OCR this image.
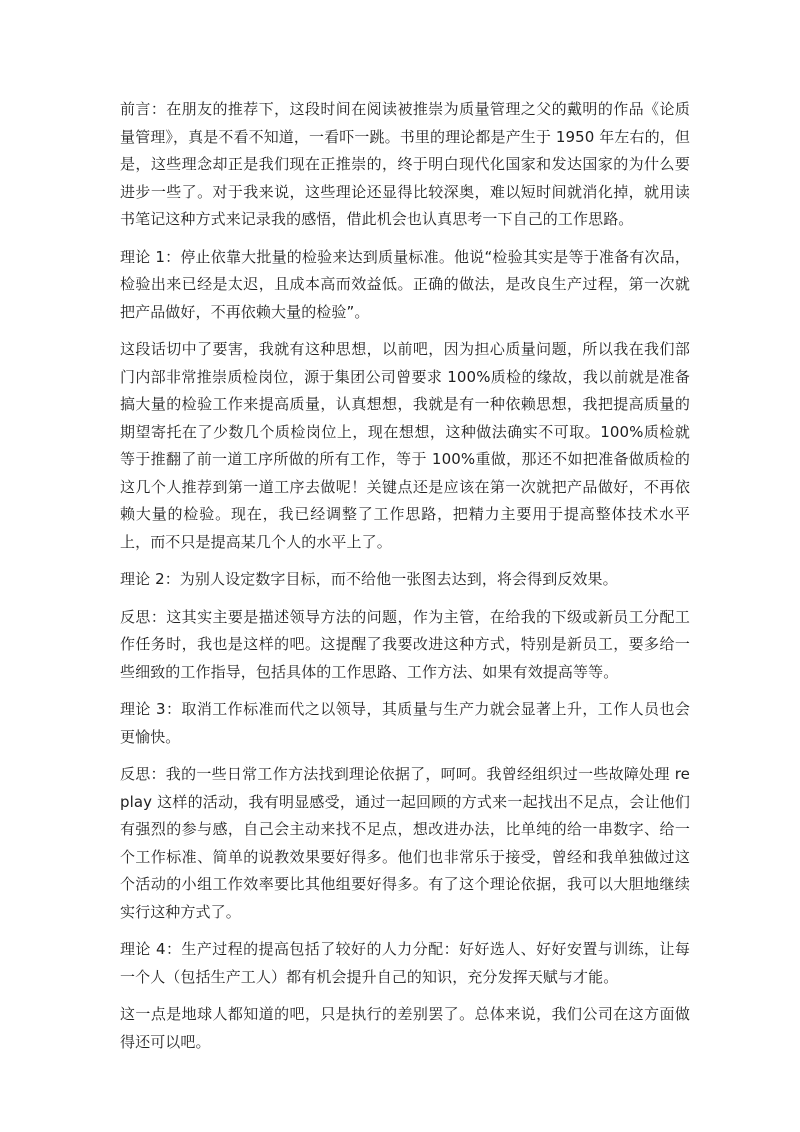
前言：在朋友的推荐下，这段时间在阅读被推崇为质量管理之父的戴明的作品《论质量管理》，真是不看不知道，一看吓一跳。书里的理论都是产生于 1950 年左右的，但是，这些理念却正是我们现在正推崇的，终于明白现代化国家和发达国家的为什么要进步一些了。对于我来说，这些理论还显得比较深奥，难以短时间就消化掉，就用读书笔记这种方式来记录我的感悟，借此机会也认真思考一下自己的工作思路。

理论 1：停止依靠大批量的检验来达到质量标准。他说“检验其实是等于准备有次品，检验出来已经是太迟，且成本高而效益低。正确的做法，是改良生产过程，第一次就把产品做好，不再依赖大量的检验”。

这段话切中了要害，我就有这种思想，以前吧，因为担心质量问题，所以我在我们部门内部非常推崇质检岗位，源于集团公司曾要求 100%质检的缘故，我以前就是准备搞大量的检验工作来提高质量，认真想想，我就是有一种依赖思想，我把提高质量的期望寄托在了少数几个质检岗位上，现在想想，这种做法确实不可取。100%质检就等于推翻了前一道工序所做的所有工作，等于 100%重做，那还不如把准备做质检的这几个人推荐到第一道工序去做呢！关键点还是应该在第一次就把产品做好，不再依赖大量的检验。现在，我已经调整了工作思路，把精力主要用于提高整体技术水平上，而不只是提高某几个人的水平上了。

理论 2：为别人设定数字目标，而不给他一张图去达到，将会得到反效果。

反思：这其实主要是描述领导方法的问题，作为主管，在给我的下级或新员工分配工作任务时，我也是这样的吧。这提醒了我要改进这种方式，特别是新员工，要多给一些细致的工作指导，包括具体的工作思路、工作方法、如果有效提高等等。

理论 3：取消工作标准而代之以领导，其质量与生产力就会显著上升，工作人员也会更愉快。

反思：我的一些日常工作方法找到理论依据了，呵呵。我曾经组织过一些故障处理 replay 这样的活动，我有明显感受，通过一起回顾的方式来一起找出不足点，会让他们有强烈的参与感，自己会主动来找不足点，想改进办法，比单纯的给一串数字、给一个工作标准、简单的说教效果要好得多。他们也非常乐于接受，曾经和我单独做过这个活动的小组工作效率要比其他组要好得多。有了这个理论依据，我可以大胆地继续实行这种方式了。

理论 4：生产过程的提高包括了较好的人力分配：好好选人、好好安置与训练，让每一个人（包括生产工人）都有机会提升自己的知识，充分发挥天赋与才能。

这一点是地球人都知道的吧，只是执行的差别罢了。总体来说，我们公司在这方面做得还可以吧。
